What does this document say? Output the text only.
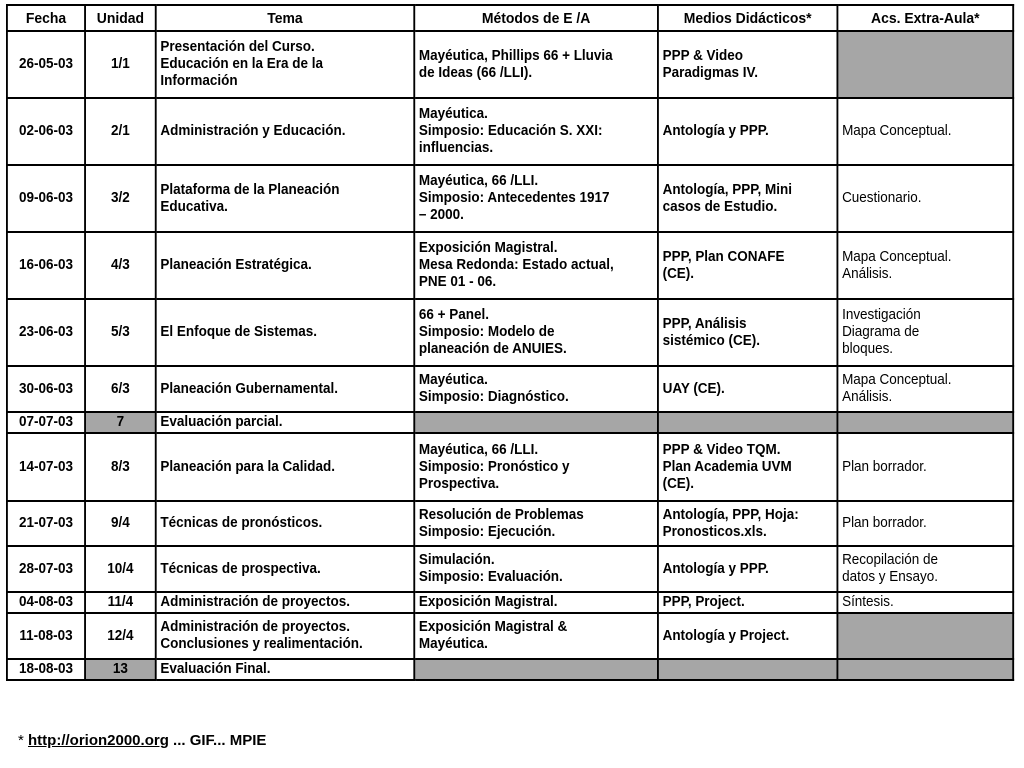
Fecha	Unidad	Tema	Métodos de E /A	Medios Didácticos*	Acs. Extra-Aula*
26-05-03	1/1	Presentación del Curso.
Educación en la Era de la
Información	Mayéutica, Phillips 66 + Lluvia
de Ideas (66 /LLI).	PPP & Video
Paradigmas IV.	
02-06-03	2/1	Administración y Educación.	Mayéutica.
Simposio: Educación S. XXI:
influencias.	Antología y PPP.	Mapa Conceptual.
09-06-03	3/2	Plataforma de la Planeación
Educativa.	Mayéutica, 66 /LLI.
Simposio: Antecedentes 1917
– 2000.	Antología, PPP, Mini
casos de Estudio.	Cuestionario.
16-06-03	4/3	Planeación Estratégica.	Exposición Magistral.
Mesa Redonda: Estado actual,
PNE 01 - 06.	PPP, Plan CONAFE
(CE).	Mapa Conceptual.
Análisis.
23-06-03	5/3	El Enfoque de Sistemas.	66 + Panel.
Simposio: Modelo de
planeación de ANUIES.	PPP, Análisis
sistémico (CE).	Investigación
Diagrama de
bloques.
30-06-03	6/3	Planeación Gubernamental.	Mayéutica.
Simposio: Diagnóstico.	UAY (CE).	Mapa Conceptual.
Análisis.
07-07-03	7	Evaluación parcial.			
14-07-03	8/3	Planeación para la Calidad.	Mayéutica, 66 /LLI.
Simposio: Pronóstico y
Prospectiva.	PPP & Video TQM.
Plan Academia UVM
(CE).	Plan borrador.
21-07-03	9/4	Técnicas de pronósticos.	Resolución de Problemas
Simposio: Ejecución.	Antología, PPP, Hoja:
Pronosticos.xls.	Plan borrador.
28-07-03	10/4	Técnicas de prospectiva.	Simulación.
Simposio: Evaluación.	Antología y PPP.	Recopilación de
datos y Ensayo.
04-08-03	11/4	Administración de proyectos.	Exposición Magistral.	PPP, Project.	Síntesis.
11-08-03	12/4	Administración de proyectos.
Conclusiones y realimentación.	Exposición Magistral &
Mayéutica.	Antología y Project.	
18-08-03	13	Evaluación Final.			
* http://orion2000.org ... GIF... MPIE
